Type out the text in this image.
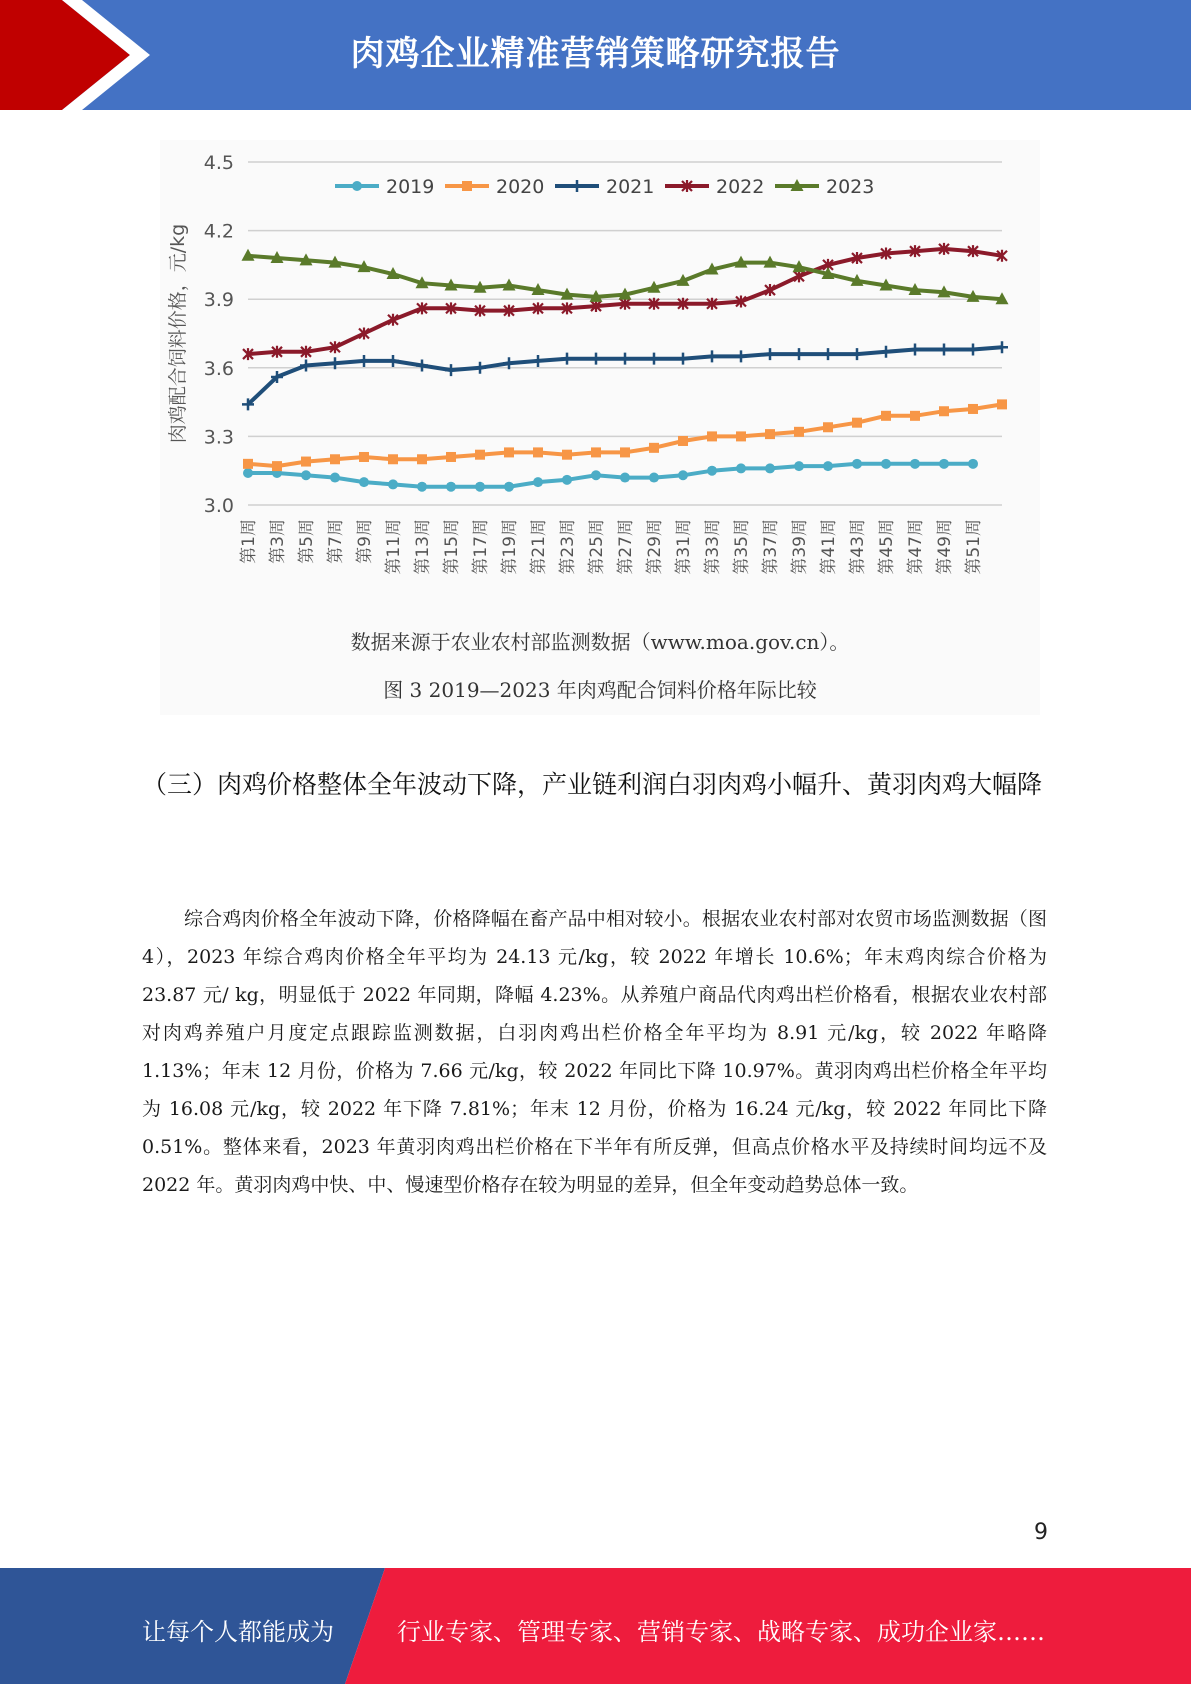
肉鸡企业精准营销策略研究报告
3.0
3.3
3.6
3.9
4.2
4.5
肉鸡配合饲料价格，元/kg
第1周 第3周 第5周 第7周 第9周 第11周 第13周 第15周 第17周 第19周 第21周 第23周 第25周 第27周 第29周 第31周 第33周 第35周 第37周 第39周 第41周 第43周 第45周 第47周 第49周 第51周
2019	2020	2021	2022	2023
数据来源于农业农村部监测数据（www.moa.gov.cn）。
图 3 2019—2023 年肉鸡配合饲料价格年际比较
（三）肉鸡价格整体全年波动下降，产业链利润白羽肉鸡小幅升、黄羽肉鸡大幅降

综合鸡肉价格全年波动下降，价格降幅在畜产品中相对较小。根据农业农村部对农贸市场监测数据（图 4），2023 年综合鸡肉价格全年平均为 24.13 元/kg，较 2022 年增长 10.6%；年末鸡肉综合价格为 23.87 元/ kg，明显低于 2022 年同期，降幅 4.23%。从养殖户商品代肉鸡出栏价格看，根据农业农村部对肉鸡养殖户月度定点跟踪监测数据，白羽肉鸡出栏价格全年平均为 8.91 元/kg，较 2022 年略降 1.13%；年末 12 月份，价格为 7.66 元/kg，较 2022 年同比下降 10.97%。黄羽肉鸡出栏价格全年平均为 16.08 元/kg，较 2022 年下降 7.81%；年末 12 月份，价格为 16.24 元/kg，较 2022 年同比下降 0.51%。整体来看，2023 年黄羽肉鸡出栏价格在下半年有所反弹，但高点价格水平及持续时间均远不及 2022 年。黄羽肉鸡中快、中、慢速型价格存在较为明显的差异，但全年变动趋势总体一致。

9
让每个人都能成为	行业专家、管理专家、营销专家、战略专家、成功企业家……
